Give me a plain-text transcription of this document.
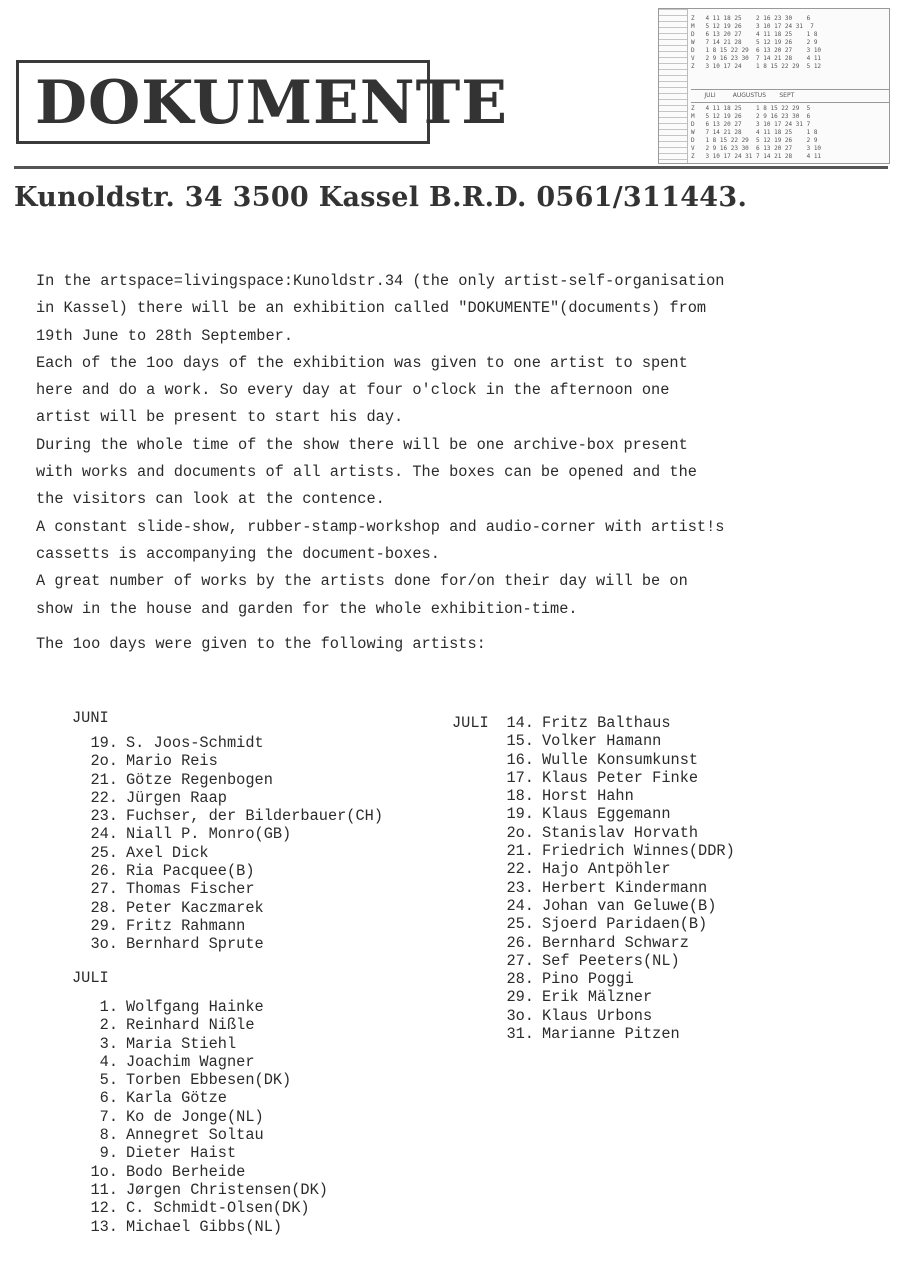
Z   4 11 18 25    2 16 23 30    6
M   5 12 19 26    3 10 17 24 31  7
D   6 13 20 27    4 11 18 25    1 8
W   7 14 21 28    5 12 19 26    2 9
D   1 8 15 22 29  6 13 20 27    3 10
V   2 9 16 23 30  7 14 21 28    4 11
Z   3 10 17 24    1 8 15 22 29  5 12
JULI         AUGUSTUS       SEPT
Z   4 11 18 25    1 8 15 22 29  5
M   5 12 19 26    2 9 16 23 30  6
D   6 13 20 27    3 10 17 24 31 7
W   7 14 21 28    4 11 18 25    1 8
D   1 8 15 22 29  5 12 19 26    2 9
V   2 9 16 23 30  6 13 20 27    3 10
Z   3 10 17 24 31 7 14 21 28    4 11
DOKUMENTE
Kunoldstr. 34 3500 Kassel B.R.D. 0561/311443.

In the artspace=livingspace:Kunoldstr.34 (the only artist-self-organisation

in Kassel) there will be an exhibition called "DOKUMENTE"(documents) from

19th June to 28th September.

Each of the 1oo days of the exhibition was given to one artist to spent

here and do a work. So every day at four o'clock in the afternoon one

artist will be present to start his day.

During the whole time of the show there will be one archive-box present

with works and documents of all artists. The boxes can be opened and the

the visitors can look at the contence.

A constant slide-show, rubber-stamp-workshop and audio-corner with artist!s

cassetts is accompanying the document-boxes.

A great number of works by the artists done for/on their day will be on

show in the house and garden for the whole exhibition-time.

The 1oo days were given to the following artists:

JUNI

19. S. Joos-Schmidt
2o. Mario Reis
21. Götze Regenbogen
22. Jürgen Raap
23. Fuchser, der Bilderbauer(CH)
24. Niall P. Monro(GB)
25. Axel Dick
26. Ria Pacquee(B)
27. Thomas Fischer
28. Peter Kaczmarek
29. Fritz Rahmann
3o. Bernhard Sprute

JULI

1. Wolfgang Hainke
2. Reinhard Nißle
3. Maria Stiehl
4. Joachim Wagner
5. Torben Ebbesen(DK)
6. Karla Götze
7. Ko de Jonge(NL)
8. Annegret Soltau
9. Dieter Haist
1o. Bodo Berheide
11. Jørgen Christensen(DK)
12. C. Schmidt-Olsen(DK)
13. Michael Gibbs(NL)

JULI	14. Fritz Balthaus
15. Volker Hamann
16. Wulle Konsumkunst
17. Klaus Peter Finke
18. Horst Hahn
19. Klaus Eggemann
2o. Stanislav Horvath
21. Friedrich Winnes(DDR)
22. Hajo Antpöhler
23. Herbert Kindermann
24. Johan van Geluwe(B)
25. Sjoerd Paridaen(B)
26. Bernhard Schwarz
27. Sef Peeters(NL)
28. Pino Poggi
29. Erik Mälzner
3o. Klaus Urbons
31. Marianne Pitzen
